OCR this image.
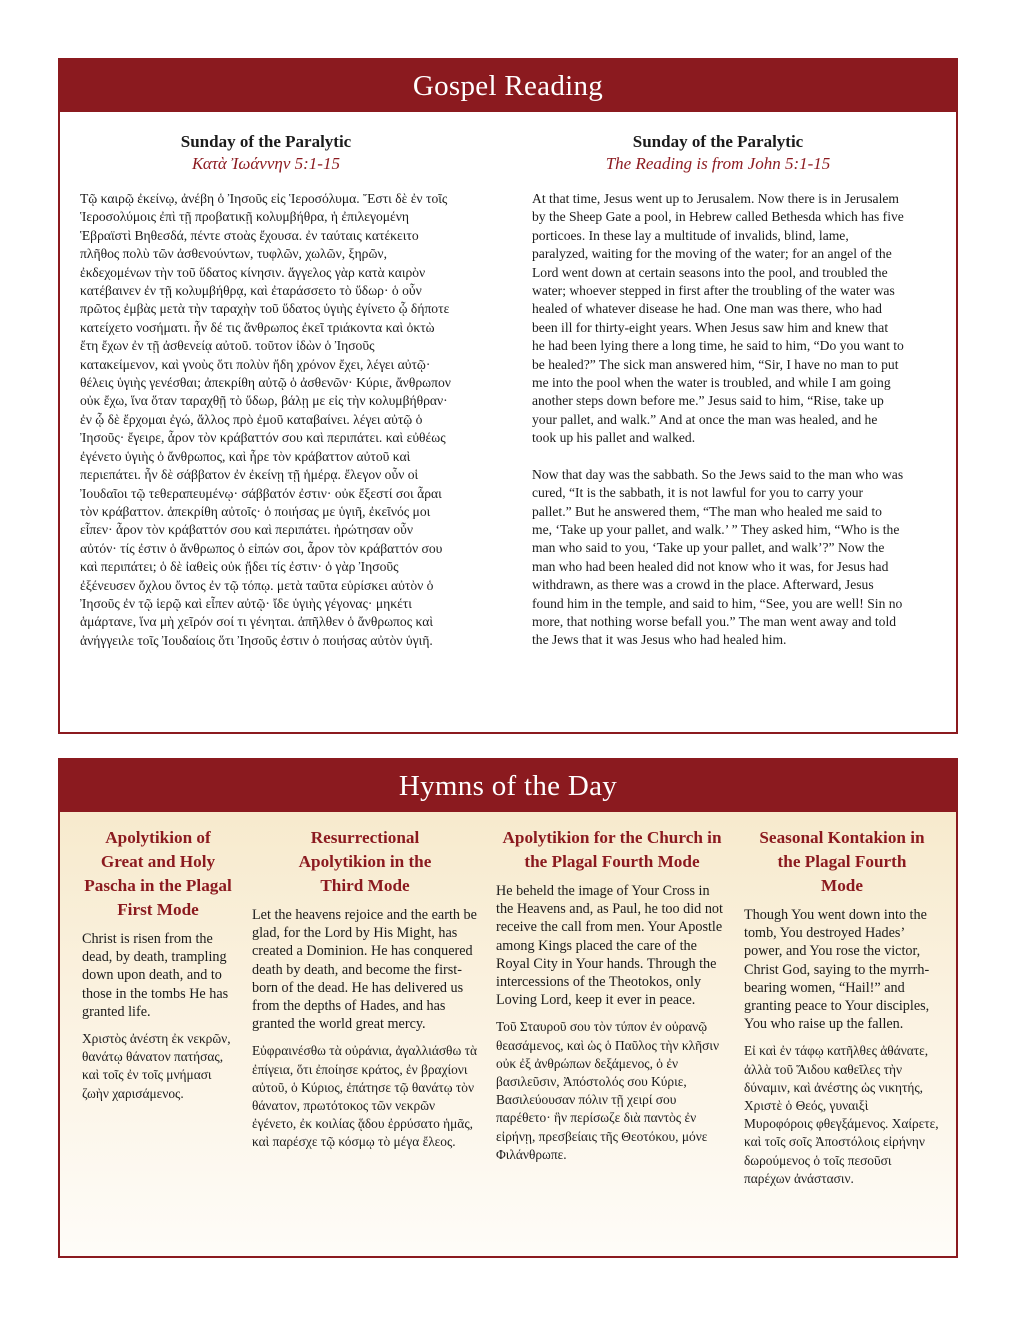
Gospel Reading
Sunday of the Paralytic
Κατὰ Ἰωάννην 5:1-15

Τῷ καιρῷ ἐκείνῳ, ἀνέβη ὁ Ἰησοῦς εἰς Ἱεροσόλυμα. Ἔστι δὲ ἐν τοῖς Ἱεροσολύμοις ἐπὶ τῇ προβατικῇ κολυμβήθρα, ἡ ἐπιλεγομένη Ἑβραϊστὶ Βηθεσδά, πέντε στοὰς ἔχουσα. ἐν ταύταις κατέκειτο πλῆθος πολὺ τῶν ἀσθενούντων, τυφλῶν, χωλῶν, ξηρῶν, ἐκδεχομένων τὴν τοῦ ὕδατος κίνησιν. ἄγγελος γὰρ κατὰ καιρὸν κατέβαινεν ἐν τῇ κολυμβήθρᾳ, καὶ ἐταράσσετο τὸ ὕδωρ· ὁ οὖν πρῶτος ἐμβὰς μετὰ τὴν ταραχὴν τοῦ ὕδατος ὑγιὴς ἐγίνετο ᾧ δήποτε κατείχετο νοσήματι. ἦν δέ τις ἄνθρωπος ἐκεῖ τριάκοντα καὶ ὀκτὼ ἔτη ἔχων ἐν τῇ ἀσθενείᾳ αὐτοῦ. τοῦτον ἰδὼν ὁ Ἰησοῦς κατακείμενον, καὶ γνοὺς ὅτι πολὺν ἤδη χρόνον ἔχει, λέγει αὐτῷ· θέλεις ὑγιὴς γενέσθαι; ἀπεκρίθη αὐτῷ ὁ ἀσθενῶν· Κύριε, ἄνθρωπον οὐκ ἔχω, ἵνα ὅταν ταραχθῇ τὸ ὕδωρ, βάλῃ με εἰς τὴν κολυμβήθραν· ἐν ᾧ δὲ ἔρχομαι ἐγώ, ἄλλος πρὸ ἐμοῦ καταβαίνει. λέγει αὐτῷ ὁ Ἰησοῦς· ἔγειρε, ἆρον τὸν κράβαττόν σου καὶ περιπάτει. καὶ εὐθέως ἐγένετο ὑγιὴς ὁ ἄνθρωπος, καὶ ἦρε τὸν κράβαττον αὐτοῦ καὶ περιεπάτει. ἦν δὲ σάββατον ἐν ἐκείνῃ τῇ ἡμέρᾳ. ἔλεγον οὖν οἱ Ἰουδαῖοι τῷ τεθεραπευμένῳ· σάββατόν ἐστιν· οὐκ ἔξεστί σοι ἆραι τὸν κράβαττον. ἀπεκρίθη αὐτοῖς· ὁ ποιήσας με ὑγιῆ, ἐκεῖνός μοι εἶπεν· ἆρον τὸν κράβαττόν σου καὶ περιπάτει. ἠρώτησαν οὖν αὐτόν· τίς ἐστιν ὁ ἄνθρωπος ὁ εἰπών σοι, ἆρον τὸν κράβαττόν σου καὶ περιπάτει; ὁ δὲ ἰαθεὶς οὐκ ᾔδει τίς ἐστιν· ὁ γὰρ Ἰησοῦς ἐξένευσεν ὄχλου ὄντος ἐν τῷ τόπῳ. μετὰ ταῦτα εὑρίσκει αὐτὸν ὁ Ἰησοῦς ἐν τῷ ἱερῷ καὶ εἶπεν αὐτῷ· ἴδε ὑγιὴς γέγονας· μηκέτι ἁμάρτανε, ἵνα μὴ χεῖρόν σοί τι γένηται. ἀπῆλθεν ὁ ἄνθρωπος καὶ ἀνήγγειλε τοῖς Ἰουδαίοις ὅτι Ἰησοῦς ἐστιν ὁ ποιήσας αὐτὸν ὑγιῆ.

Sunday of the Paralytic
The Reading is from John 5:1-15

At that time, Jesus went up to Jerusalem. Now there is in Jerusalem by the Sheep Gate a pool, in Hebrew called Bethesda which has five porticoes. In these lay a multitude of invalids, blind, lame, paralyzed, waiting for the moving of the water; for an angel of the Lord went down at certain seasons into the pool, and troubled the water; whoever stepped in first after the troubling of the water was healed of whatever disease he had. One man was there, who had been ill for thirty-eight years. When Jesus saw him and knew that he had been lying there a long time, he said to him, “Do you want to be healed?” The sick man answered him, “Sir, I have no man to put me into the pool when the water is troubled, and while I am going another steps down before me.” Jesus said to him, “Rise, take up your pallet, and walk.” And at once the man was healed, and he took up his pallet and walked.

Now that day was the sabbath. So the Jews said to the man who was cured, “It is the sabbath, it is not lawful for you to carry your pallet.” But he answered them, “The man who healed me said to me, ‘Take up your pallet, and walk.’ ” They asked him, “Who is the man who said to you, ‘Take up your pallet, and walk’?” Now the man who had been healed did not know who it was, for Jesus had withdrawn, as there was a crowd in the place. Afterward, Jesus found him in the temple, and said to him, “See, you are well! Sin no more, that nothing worse befall you.” The man went away and told the Jews that it was Jesus who had healed him.

Hymns of the Day
Apolytikion of Great and Holy Pascha in the Plagal First Mode

Christ is risen from the dead, by death, trampling down upon death, and to those in the tombs He has granted life.

Χριστὸς ἀνέστη ἐκ νεκρῶν, θανάτῳ θάνατον πατήσας, καὶ τοῖς ἐν τοῖς μνήμασι ζωὴν χαρισάμενος.

Resurrectional Apolytikion in the Third Mode

Let the heavens rejoice and the earth be glad, for the Lord by His Might, has created a Dominion. He has conquered death by death, and become the first-born of the dead. He has delivered us from the depths of Hades, and has granted the world great mercy.

Εὐφραινέσθω τὰ οὐράνια, ἀγαλλιάσθω τὰ ἐπίγεια, ὅτι ἐποίησε κράτος, ἐν βραχίονι αὐτοῦ, ὁ Κύριος, ἐπάτησε τῷ θανάτῳ τὸν θάνατον, πρωτότοκος τῶν νεκρῶν ἐγένετο, ἐκ κοιλίας ᾅδου ἐρρύσατο ἡμᾶς, καὶ παρέσχε τῷ κόσμῳ τὸ μέγα ἔλεος.

Apolytikion for the Church in the Plagal Fourth Mode

He beheld the image of Your Cross in the Heavens and, as Paul, he too did not receive the call from men. Your Apostle among Kings placed the care of the Royal City in Your hands. Through the intercessions of the Theotokos, only Loving Lord, keep it ever in peace.

Τοῦ Σταυροῦ σου τὸν τύπον ἐν οὐρανῷ θεασάμενος, καὶ ὡς ὁ Παῦλος τὴν κλῆσιν οὐκ ἐξ ἀνθρώπων δεξάμενος, ὁ ἐν βασιλεῦσιν, Ἀπόστολός σου Κύριε, Βασιλεύουσαν πόλιν τῇ χειρί σου παρέθετο· ἣν περίσωζε διὰ παντὸς ἐν εἰρήνῃ, πρεσβείαις τῆς Θεοτόκου, μόνε Φιλάνθρωπε.

Seasonal Kontakion in the Plagal Fourth Mode

Though You went down into the tomb, You destroyed Hades’ power, and You rose the victor, Christ God, saying to the myrrh-bearing women, “Hail!” and granting peace to Your disciples, You who raise up the fallen.

Εἰ καὶ ἐν τάφῳ κατῆλθες ἀθάνατε, ἀλλὰ τοῦ Ἅιδου καθεῖλες τὴν δύναμιν, καὶ ἀνέστης ὡς νικητής, Χριστὲ ὁ Θεός, γυναιξὶ Μυροφόροις φθεγξάμενος. Χαίρετε, καὶ τοῖς σοῖς Ἀποστόλοις εἰρήνην δωρούμενος ὁ τοῖς πεσοῦσι παρέχων ἀνάστασιν.
